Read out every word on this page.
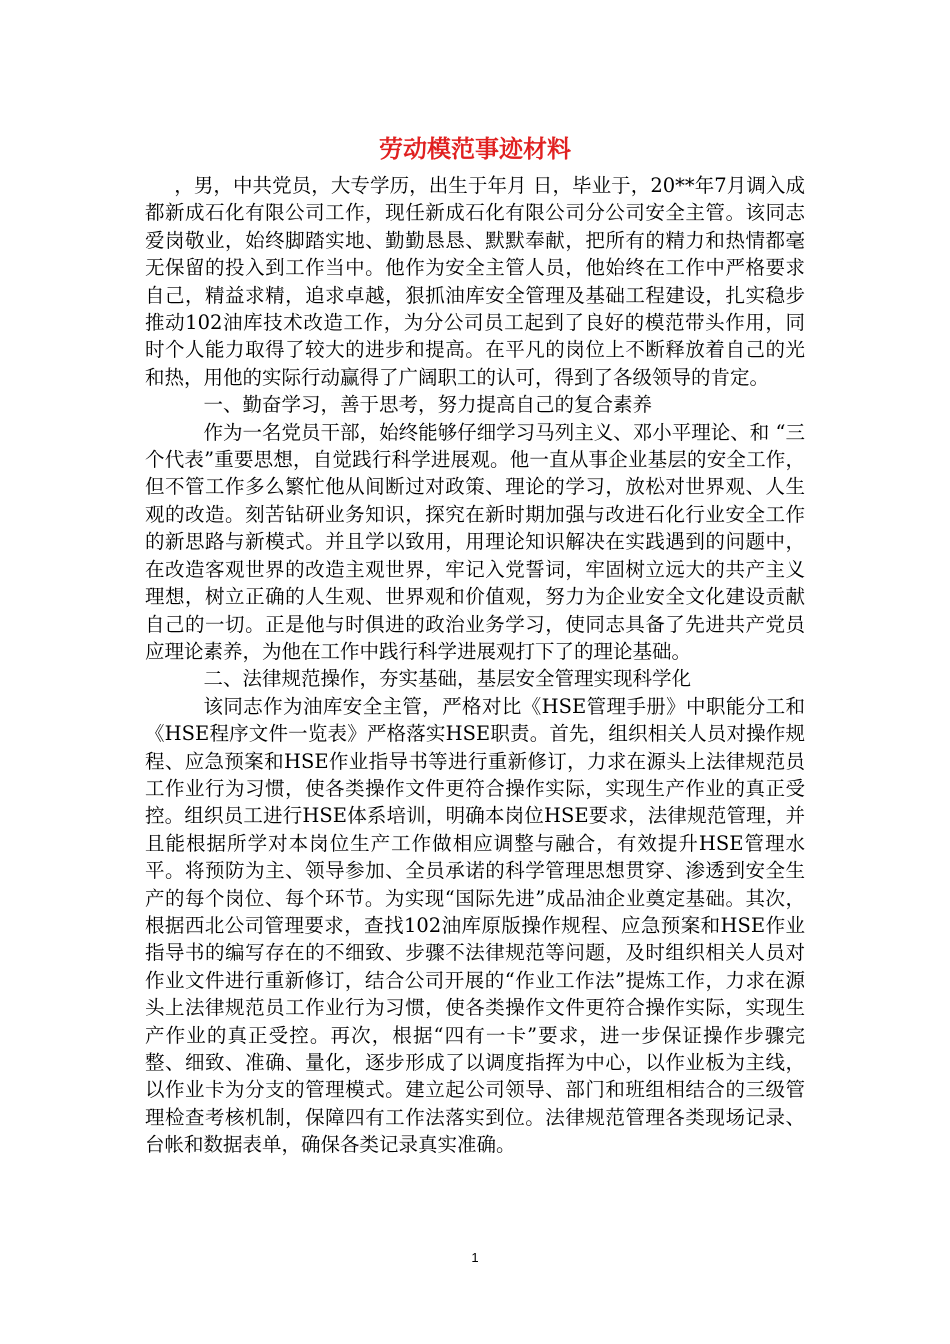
劳动模范事迹材料

，男，中共党员，大专学历，出生于年月 日，毕业于，20**年7月调入成都新成石化有限公司工作，现任新成石化有限公司分公司安全主管。该同志爱岗敬业，始终脚踏实地、勤勤恳恳、默默奉献，把所有的精力和热情都毫无保留的投入到工作当中。他作为安全主管人员，他始终在工作中严格要求自己，精益求精，追求卓越，狠抓油库安全管理及基础工程建设，扎实稳步推动102油库技术改造工作，为分公司员工起到了良好的模范带头作用，同时个人能力取得了较大的进步和提高。在平凡的岗位上不断释放着自己的光和热，用他的实际行动赢得了广阔职工的认可，得到了各级领导的肯定。

一、勤奋学习，善于思考，努力提高自己的复合素养

作为一名党员干部，始终能够仔细学习马列主义、邓小平理论、和 “三个代表”重要思想，自觉践行科学进展观。他一直从事企业基层的安全工作，但不管工作多么繁忙他从间断过对政策、理论的学习，放松对世界观、人生观的改造。刻苦钻研业务知识，探究在新时期加强与改进石化行业安全工作的新思路与新模式。并且学以致用，用理论知识解决在实践遇到的问题中，在改造客观世界的改造主观世界，牢记入党誓词，牢固树立远大的共产主义理想，树立正确的人生观、世界观和价值观，努力为企业安全文化建设贡献自己的一切。正是他与时俱进的政治业务学习，使同志具备了先进共产党员应理论素养，为他在工作中践行科学进展观打下了的理论基础。

二、法律规范操作，夯实基础，基层安全管理实现科学化

该同志作为油库安全主管，严格对比《HSE管理手册》中职能分工和《HSE程序文件一览表》严格落实HSE职责。首先，组织相关人员对操作规程、应急预案和HSE作业指导书等进行重新修订，力求在源头上法律规范员工作业行为习惯，使各类操作文件更符合操作实际，实现生产作业的真正受控。组织员工进行HSE体系培训，明确本岗位HSE要求，法律规范管理，并且能根据所学对本岗位生产工作做相应调整与融合，有效提升HSE管理水平。将预防为主、领导参加、全员承诺的科学管理思想贯穿、渗透到安全生产的每个岗位、每个环节。为实现“国际先进”成品油企业奠定基础。其次，根据西北公司管理要求，查找102油库原版操作规程、应急预案和HSE作业指导书的编写存在的不细致、步骤不法律规范等问题，及时组织相关人员对作业文件进行重新修订，结合公司开展的“作业工作法”提炼工作，力求在源头上法律规范员工作业行为习惯，使各类操作文件更符合操作实际，实现生产作业的真正受控。再次，根据“四有一卡”要求，进一步保证操作步骤完整、细致、准确、量化，逐步形成了以调度指挥为中心，以作业板为主线，以作业卡为分支的管理模式。建立起公司领导、部门和班组相结合的三级管理检查考核机制，保障四有工作法落实到位。法律规范管理各类现场记录、台帐和数据表单，确保各类记录真实准确。

1
